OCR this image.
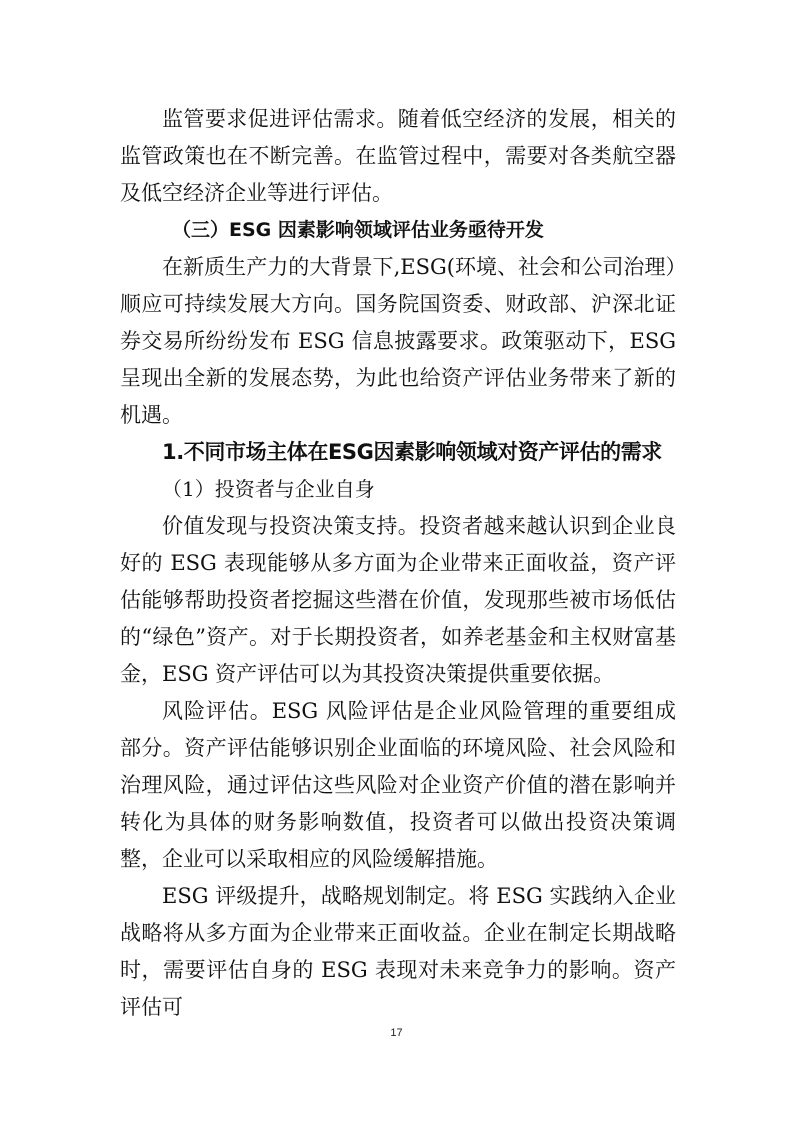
监管要求促进评估需求。随着低空经济的发展，相关的监管政策也在不断完善。在监管过程中，需要对各类航空器及低空经济企业等进行评估。

（三）ESG 因素影响领域评估业务亟待开发

在新质生产力的大背景下,ESG(环境、社会和公司治理）顺应可持续发展大方向。国务院国资委、财政部、沪深北证券交易所纷纷发布 ESG 信息披露要求。政策驱动下，ESG 呈现出全新的发展态势，为此也给资产评估业务带来了新的机遇。

1.不同市场主体在ESG因素影响领域对资产评估的需求

（1）投资者与企业自身

价值发现与投资决策支持。投资者越来越认识到企业良好的 ESG 表现能够从多方面为企业带来正面收益，资产评估能够帮助投资者挖掘这些潜在价值，发现那些被市场低估的“绿色”资产。对于长期投资者，如养老基金和主权财富基金，ESG 资产评估可以为其投资决策提供重要依据。

风险评估。ESG 风险评估是企业风险管理的重要组成部分。资产评估能够识别企业面临的环境风险、社会风险和治理风险，通过评估这些风险对企业资产价值的潜在影响并转化为具体的财务影响数值，投资者可以做出投资决策调整，企业可以采取相应的风险缓解措施。

ESG 评级提升，战略规划制定。将 ESG 实践纳入企业战略将从多方面为企业带来正面收益。企业在制定长期战略时，需要评估自身的 ESG 表现对未来竞争力的影响。资产评估可

17
